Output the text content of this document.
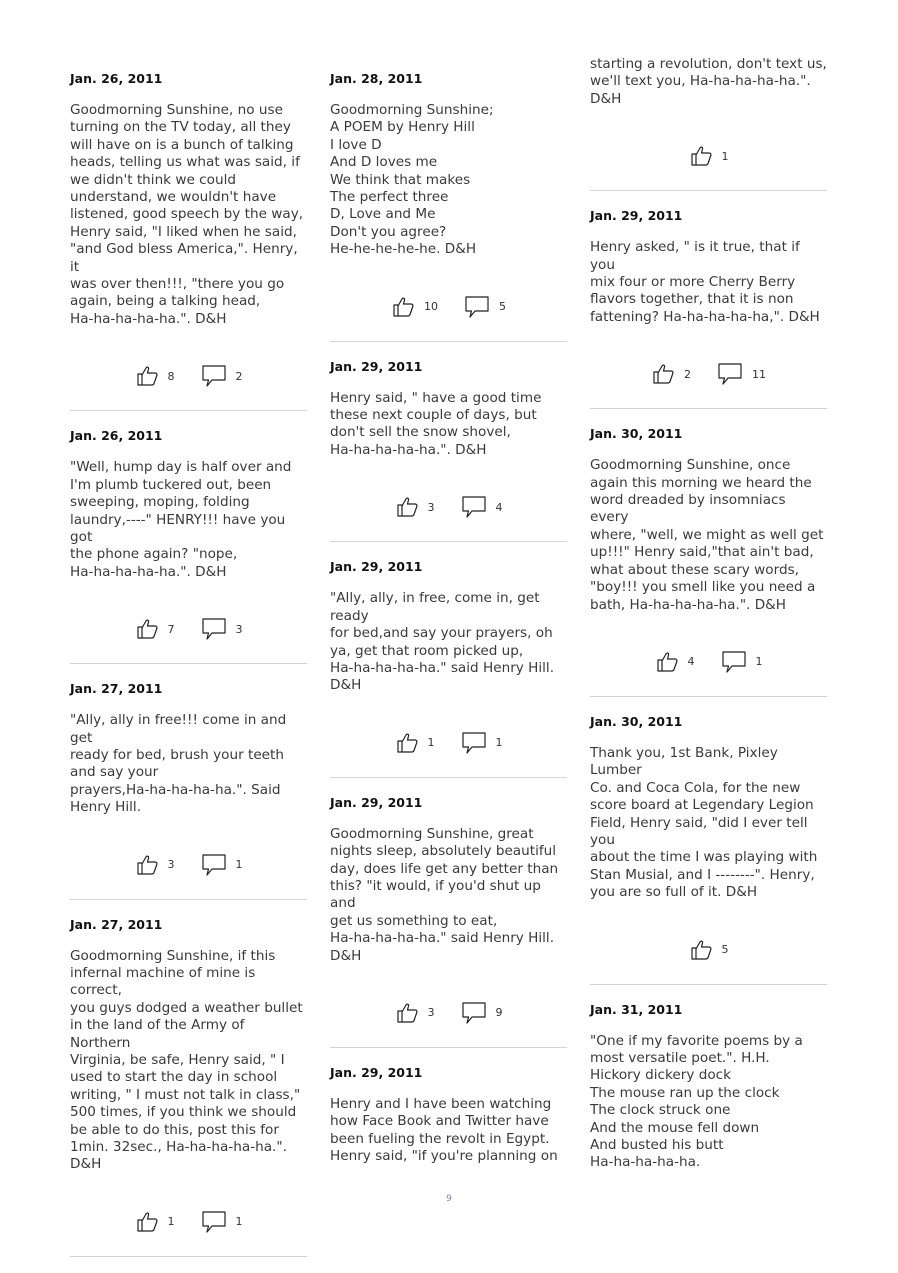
Jan. 26, 2011
Goodmorning Sunshine, no use
turning on the TV today, all they
will have on is a bunch of talking
heads, telling us what was said, if
we didn't think we could
understand, we wouldn't have
listened, good speech by the way,
Henry said, "I liked when he said,
"and God bless America,". Henry, it
was over then!!!, "there you go
again, being a talking head,
Ha-ha-ha-ha-ha.". D&H
8	2
Jan. 26, 2011
"Well, hump day is half over and
I'm plumb tuckered out, been
sweeping, moping, folding
laundry,----" HENRY!!! have you got
the phone again? "nope,
Ha-ha-ha-ha-ha.". D&H
7	3
Jan. 27, 2011
"Ally, ally in free!!! come in and get
ready for bed, brush your teeth
and say your
prayers,Ha-ha-ha-ha-ha.". Said
Henry Hill.
3	1
Jan. 27, 2011
Goodmorning Sunshine, if this
infernal machine of mine is correct,
you guys dodged a weather bullet
in the land of the Army of Northern
Virginia, be safe, Henry said, " I
used to start the day in school
writing, " I must not talk in class,"
500 times, if you think we should
be able to do this, post this for
1min. 32sec., Ha-ha-ha-ha-ha.".
D&H
1	1
Jan. 28, 2011
Goodmorning Sunshine;
A POEM by Henry Hill
I love D
And D loves me
We think that makes
The perfect three
D, Love and Me
Don't you agree?
He-he-he-he-he. D&H
10	5
Jan. 29, 2011
Henry said, " have a good time
these next couple of days, but
don't sell the snow shovel,
Ha-ha-ha-ha-ha.". D&H
3	4
Jan. 29, 2011
"Ally, ally, in free, come in, get ready
for bed,and say your prayers, oh
ya, get that room picked up,
Ha-ha-ha-ha-ha." said Henry Hill.
D&H
1	1
Jan. 29, 2011
Goodmorning Sunshine, great
nights sleep, absolutely beautiful
day, does life get any better than
this? "it would, if you'd shut up and
get us something to eat,
Ha-ha-ha-ha-ha." said Henry Hill.
D&H
3	9
Jan. 29, 2011
Henry and I have been watching
how Face Book and Twitter have
been fueling the revolt in Egypt.
Henry said, "if you're planning on
starting a revolution, don't text us,
we'll text you, Ha-ha-ha-ha-ha.".
D&H
1
Jan. 29, 2011
Henry asked, " is it true, that if you
mix four or more Cherry Berry
flavors together, that it is non
fattening? Ha-ha-ha-ha-ha,". D&H
2	11
Jan. 30, 2011
Goodmorning Sunshine, once
again this morning we heard the
word dreaded by insomniacs every
where, "well, we might as well get
up!!!" Henry said,"that ain't bad,
what about these scary words,
"boy!!! you smell like you need a
bath, Ha-ha-ha-ha-ha.". D&H
4	1
Jan. 30, 2011
Thank you, 1st Bank, Pixley Lumber
Co. and Coca Cola, for the new
score board at Legendary Legion
Field, Henry said, "did I ever tell you
about the time I was playing with
Stan Musial, and I --------". Henry,
you are so full of it. D&H
5
Jan. 31, 2011
"One if my favorite poems by a
most versatile poet.". H.H.
Hickory dickery dock
The mouse ran up the clock
The clock struck one
And the mouse fell down
And busted his butt
Ha-ha-ha-ha-ha.
9
